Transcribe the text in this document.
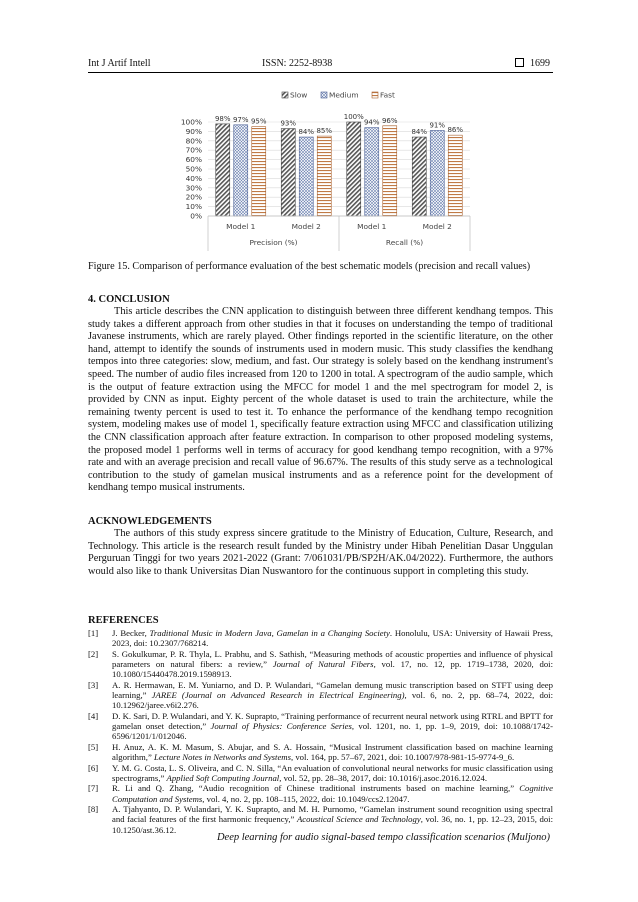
Int J Artif Intell	ISSN: 2252-8938	1699
Slow	Medium	Fast
0%
10%
20%
30%
40%
50%
60%
70%
80%
90%
100% 98% 97% 95% 93%
84% 85%
100%
94% 96%
84%
91%
86%
Model 1	Model 2	Model 1	Model 2
Precision (%)	Recall (%)
Figure 15. Comparison of performance evaluation of the best schematic models (precision and recall values)
4. CONCLUSION

This article describes the CNN application to distinguish between three different kendhang tempos. This study takes a different approach from other studies in that it focuses on understanding the tempo of traditional Javanese instruments, which are rarely played. Other findings reported in the scientific literature, on the other hand, attempt to identify the sounds of instruments used in modern music. This study classifies the kendhang tempos into three categories: slow, medium, and fast. Our strategy is solely based on the kendhang instrument's speed. The number of audio files increased from 120 to 1200 in total. A spectrogram of the audio sample, which is the output of feature extraction using the MFCC for model 1 and the mel spectrogram for model 2, is provided by CNN as input. Eighty percent of the whole dataset is used to train the architecture, while the remaining twenty percent is used to test it. To enhance the performance of the kendhang tempo recognition system, modeling makes use of model 1, specifically feature extraction using MFCC and classification utilizing the CNN classification approach after feature extraction. In comparison to other proposed modeling systems, the proposed model 1 performs well in terms of accuracy for good kendhang tempo recognition, with a 97% rate and with an average precision and recall value of 96.67%. The results of this study serve as a technological contribution to the study of gamelan musical instruments and as a reference point for the development of kendhang tempo musical instruments.

ACKNOWLEDGEMENTS

The authors of this study express sincere gratitude to the Ministry of Education, Culture, Research, and Technology. This article is the research result funded by the Ministry under Hibah Penelitian Dasar Unggulan Perguruan Tinggi for two years 2021-2022 (Grant: 7/061031/PB/SP2H/AK.04/2022). Furthermore, the authors would also like to thank Universitas Dian Nuswantoro for the continuous support in completing this study.

REFERENCES
[1]	J. Becker, Traditional Music in Modern Java, Gamelan in a Changing Society. Honolulu, USA: University of Hawaii Press, 2023, doi: 10.2307/768214.
[2]	S. Gokulkumar, P. R. Thyla, L. Prabhu, and S. Sathish, “Measuring methods of acoustic properties and influence of physical parameters on natural fibers: a review,” Journal of Natural Fibers, vol. 17, no. 12, pp. 1719–1738, 2020, doi: 10.1080/15440478.2019.1598913.
[3]	A. R. Hermawan, E. M. Yuniarno, and D. P. Wulandari, “Gamelan demung music transcription based on STFT using deep learning,” JAREE (Journal on Advanced Research in Electrical Engineering), vol. 6, no. 2, pp. 68–74, 2022, doi: 10.12962/jaree.v6i2.276.
[4]	D. K. Sari, D. P. Wulandari, and Y. K. Suprapto, “Training performance of recurrent neural network using RTRL and BPTT for gamelan onset detection,” Journal of Physics: Conference Series, vol. 1201, no. 1, pp. 1–9, 2019, doi: 10.1088/1742-6596/1201/1/012046.
[5]	H. Anuz, A. K. M. Masum, S. Abujar, and S. A. Hossain, “Musical Instrument classification based on machine learning algorithm,” Lecture Notes in Networks and Systems, vol. 164, pp. 57–67, 2021, doi: 10.1007/978-981-15-9774-9_6.
[6]	Y. M. G. Costa, L. S. Oliveira, and C. N. Silla, “An evaluation of convolutional neural networks for music classification using spectrograms,” Applied Soft Computing Journal, vol. 52, pp. 28–38, 2017, doi: 10.1016/j.asoc.2016.12.024.
[7]	R. Li and Q. Zhang, “Audio recognition of Chinese traditional instruments based on machine learning,” Cognitive Computation and Systems, vol. 4, no. 2, pp. 108–115, 2022, doi: 10.1049/ccs2.12047.
[8]	A. Tjahyanto, D. P. Wulandari, Y. K. Suprapto, and M. H. Purnomo, “Gamelan instrument sound recognition using spectral and facial features of the first harmonic frequency,” Acoustical Science and Technology, vol. 36, no. 1, pp. 12–23, 2015, doi: 10.1250/ast.36.12.
Deep learning for audio signal-based tempo classification scenarios (Muljono)
